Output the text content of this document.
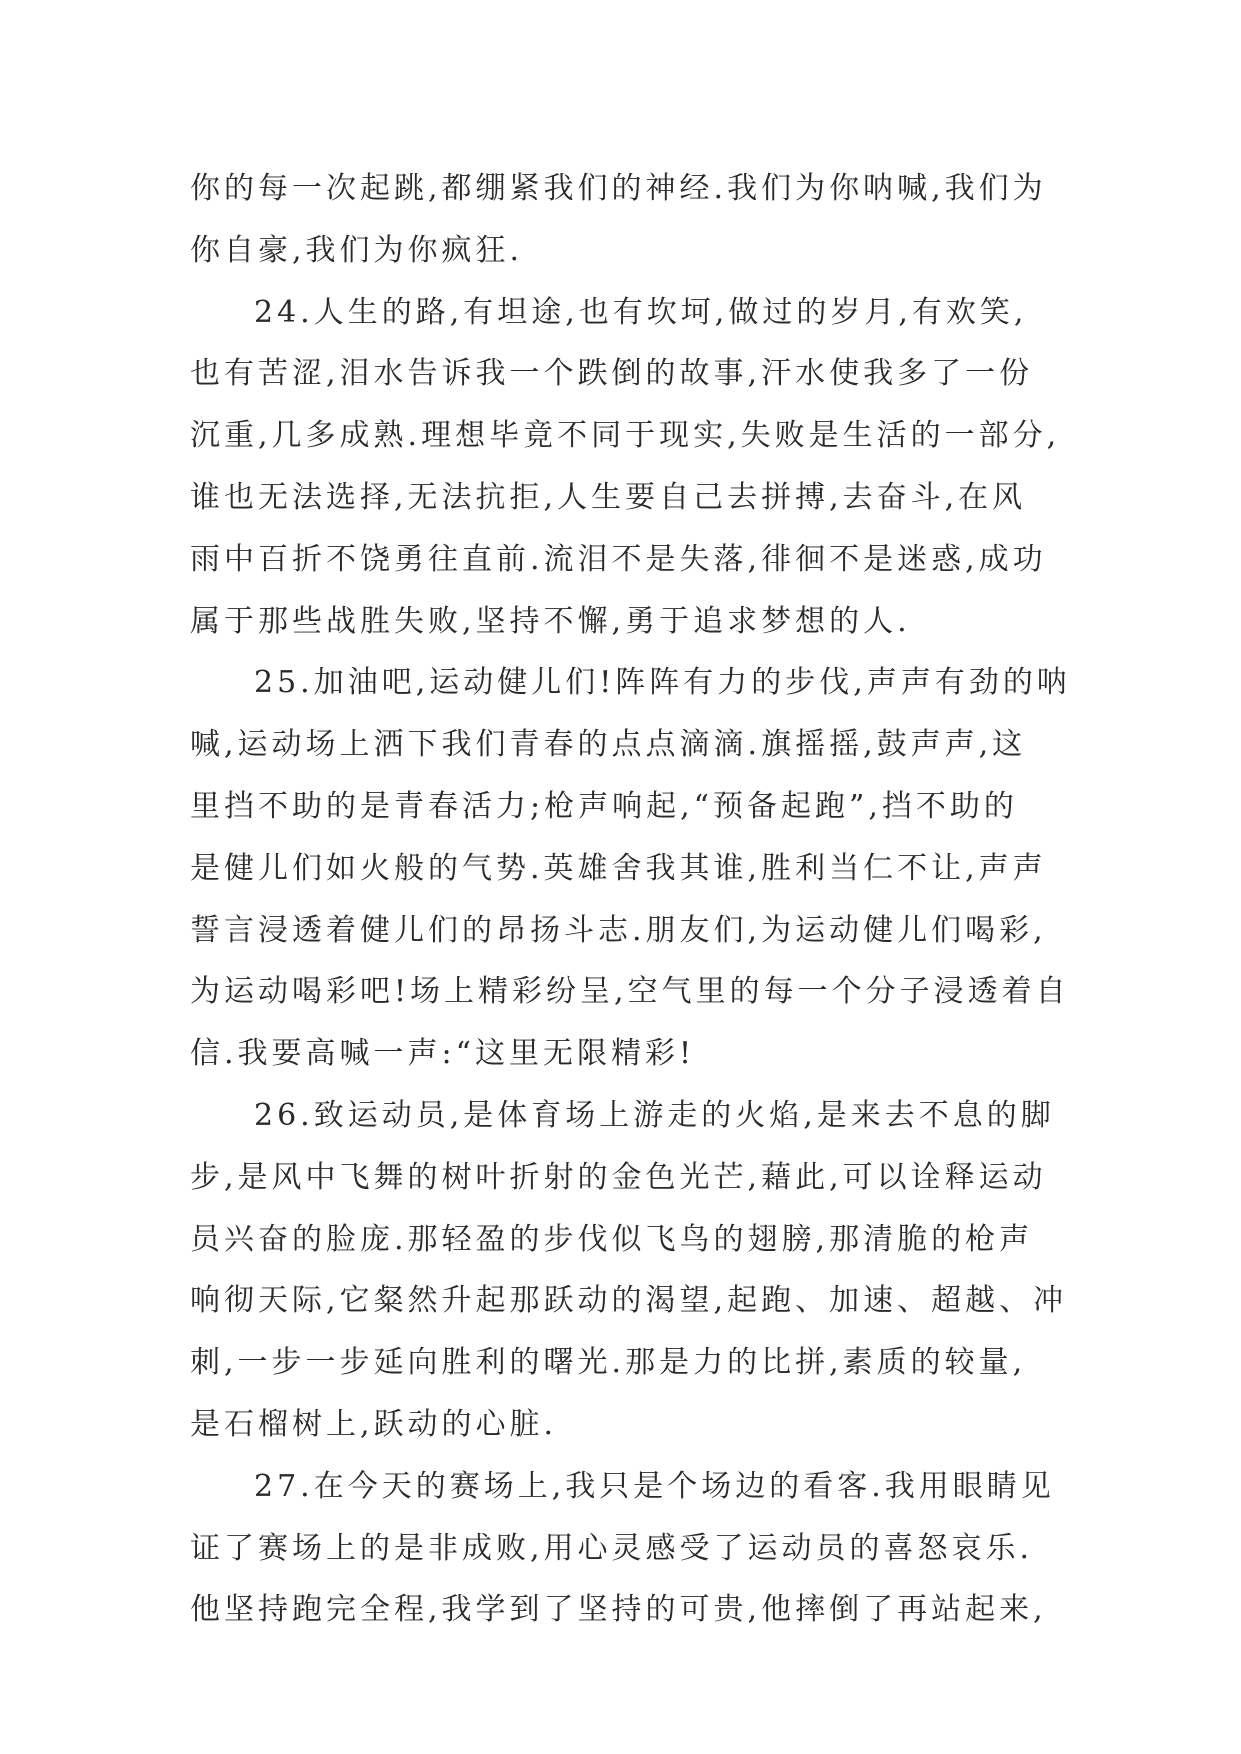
你的每一次起跳,都绷紧我们的神经.我们为你呐喊,我们为
你自豪,我们为你疯狂.
24.人生的路,有坦途,也有坎坷,做过的岁月,有欢笑,
也有苦涩,泪水告诉我一个跌倒的故事,汗水使我多了一份
沉重,几多成熟.理想毕竟不同于现实,失败是生活的一部分,
谁也无法选择,无法抗拒,人生要自己去拼搏,去奋斗,在风
雨中百折不饶勇往直前.流泪不是失落,徘徊不是迷惑,成功
属于那些战胜失败,坚持不懈,勇于追求梦想的人.
25.加油吧,运动健儿们!阵阵有力的步伐,声声有劲的呐
喊,运动场上洒下我们青春的点点滴滴.旗摇摇,鼓声声,这
里挡不助的是青春活力;枪声响起,“预备起跑”,挡不助的
是健儿们如火般的气势.英雄舍我其谁,胜利当仁不让,声声
誓言浸透着健儿们的昂扬斗志.朋友们,为运动健儿们喝彩,
为运动喝彩吧!场上精彩纷呈,空气里的每一个分子浸透着自
信.我要高喊一声:“这里无限精彩!
26.致运动员,是体育场上游走的火焰,是来去不息的脚
步,是风中飞舞的树叶折射的金色光芒,藉此,可以诠释运动
员兴奋的脸庞.那轻盈的步伐似飞鸟的翅膀,那清脆的枪声
响彻天际,它粲然升起那跃动的渴望,起跑、加速、超越、冲
刺,一步一步延向胜利的曙光.那是力的比拼,素质的较量,
是石榴树上,跃动的心脏.
27.在今天的赛场上,我只是个场边的看客.我用眼睛见
证了赛场上的是非成败,用心灵感受了运动员的喜怒哀乐.
他坚持跑完全程,我学到了坚持的可贵,他摔倒了再站起来,
